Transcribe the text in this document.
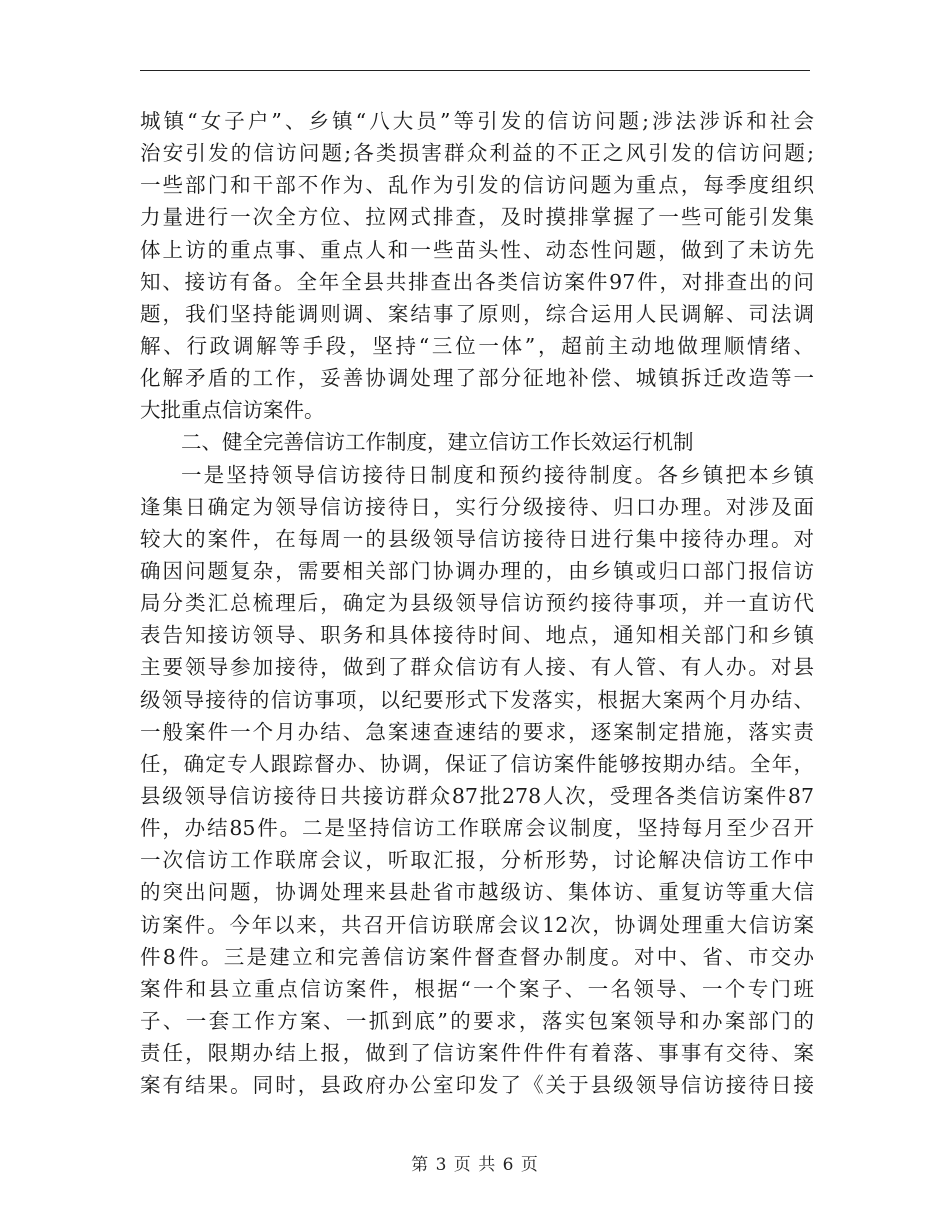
城镇“女子户”、乡镇“八大员”等引发的信访问题;涉法涉诉和社会
治安引发的信访问题;各类损害群众利益的不正之风引发的信访问题;
一些部门和干部不作为、乱作为引发的信访问题为重点，每季度组织
力量进行一次全方位、拉网式排查，及时摸排掌握了一些可能引发集
体上访的重点事、重点人和一些苗头性、动态性问题，做到了未访先
知、接访有备。全年全县共排查出各类信访案件97件，对排查出的问
题，我们坚持能调则调、案结事了原则，综合运用人民调解、司法调
解、行政调解等手段，坚持“三位一体”，超前主动地做理顺情绪、
化解矛盾的工作，妥善协调处理了部分征地补偿、城镇拆迁改造等一
大批重点信访案件。
二、健全完善信访工作制度，建立信访工作长效运行机制
一是坚持领导信访接待日制度和预约接待制度。各乡镇把本乡镇
逢集日确定为领导信访接待日，实行分级接待、归口办理。对涉及面
较大的案件，在每周一的县级领导信访接待日进行集中接待办理。对
确因问题复杂，需要相关部门协调办理的，由乡镇或归口部门报信访
局分类汇总梳理后，确定为县级领导信访预约接待事项，并一直访代
表告知接访领导、职务和具体接待时间、地点，通知相关部门和乡镇
主要领导参加接待，做到了群众信访有人接、有人管、有人办。对县
级领导接待的信访事项，以纪要形式下发落实，根据大案两个月办结、
一般案件一个月办结、急案速查速结的要求，逐案制定措施，落实责
任，确定专人跟踪督办、协调，保证了信访案件能够按期办结。全年，
县级领导信访接待日共接访群众87批278人次，受理各类信访案件87
件，办结85件。二是坚持信访工作联席会议制度，坚持每月至少召开
一次信访工作联席会议，听取汇报，分析形势，讨论解决信访工作中
的突出问题，协调处理来县赴省市越级访、集体访、重复访等重大信
访案件。今年以来，共召开信访联席会议12次，协调处理重大信访案
件8件。三是建立和完善信访案件督查督办制度。对中、省、市交办
案件和县立重点信访案件，根据“一个案子、一名领导、一个专门班
子、一套工作方案、一抓到底”的要求，落实包案领导和办案部门的
责任，限期办结上报，做到了信访案件件件有着落、事事有交待、案
案有结果。同时，县政府办公室印发了《关于县级领导信访接待日接
第 3 页 共 6 页
